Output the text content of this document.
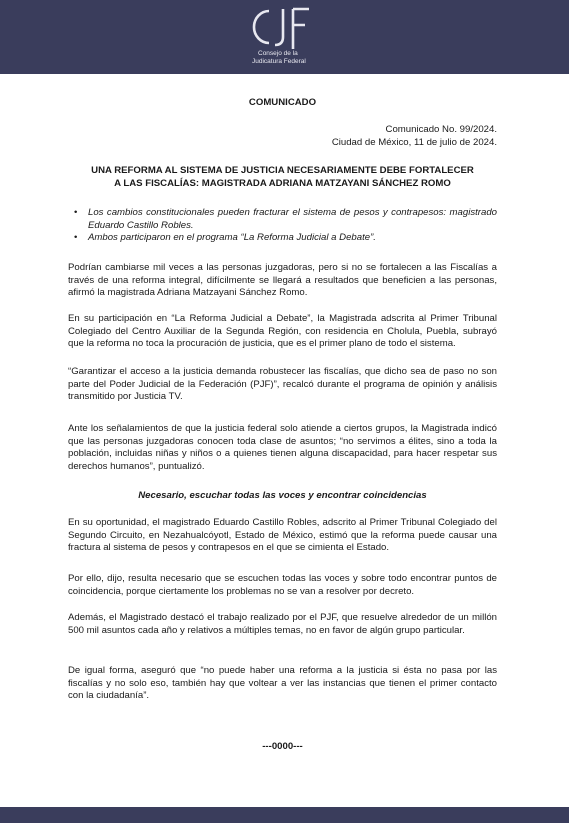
Consejo de la
Judicatura Federal
COMUNICADO
Comunicado No. 99/2024.
Ciudad de México, 11 de julio de 2024.
UNA REFORMA AL SISTEMA DE JUSTICIA NECESARIAMENTE DEBE FORTALECER
A LAS FISCALÍAS: MAGISTRADA ADRIANA MATZAYANI SÁNCHEZ ROMO
• Los cambios constitucionales pueden fracturar el sistema de pesos y contrapesos: magistrado Eduardo Castillo Robles.
• Ambos participaron en el programa “La Reforma Judicial a Debate”.

Podrían cambiarse mil veces a las personas juzgadoras, pero si no se fortalecen a las Fiscalías a través de una reforma integral, difícilmente se llegará a resultados que beneficien a las personas, afirmó la magistrada Adriana Matzayani Sánchez Romo.

En su participación en “La Reforma Judicial a Debate”, la Magistrada adscrita al Primer Tribunal Colegiado del Centro Auxiliar de la Segunda Región, con residencia en Cholula, Puebla, subrayó que la reforma no toca la procuración de justicia, que es el primer plano de todo el sistema.

“Garantizar el acceso a la justicia demanda robustecer las fiscalías, que dicho sea de paso no son parte del Poder Judicial de la Federación (PJF)”, recalcó durante el programa de opinión y análisis transmitido por Justicia TV.

Ante los señalamientos de que la justicia federal solo atiende a ciertos grupos, la Magistrada indicó que las personas juzgadoras conocen toda clase de asuntos; “no servimos a élites, sino a toda la población, incluidas niñas y niños o a quienes tienen alguna discapacidad, para hacer respetar sus derechos humanos”, puntualizó.

Necesario, escuchar todas las voces y encontrar coincidencias

En su oportunidad, el magistrado Eduardo Castillo Robles, adscrito al Primer Tribunal Colegiado del Segundo Circuito, en Nezahualcóyotl, Estado de México, estimó que la reforma puede causar una fractura al sistema de pesos y contrapesos en el que se cimienta el Estado.

Por ello, dijo, resulta necesario que se escuchen todas las voces y sobre todo encontrar puntos de coincidencia, porque ciertamente los problemas no se van a resolver por decreto.

Además, el Magistrado destacó el trabajo realizado por el PJF, que resuelve alrededor de un millón 500 mil asuntos cada año y relativos a múltiples temas, no en favor de algún grupo particular.

De igual forma, aseguró que “no puede haber una reforma a la justicia si ésta no pasa por las fiscalías y no solo eso, también hay que voltear a ver las instancias que tienen el primer contacto con la ciudadanía”.

---0000---
